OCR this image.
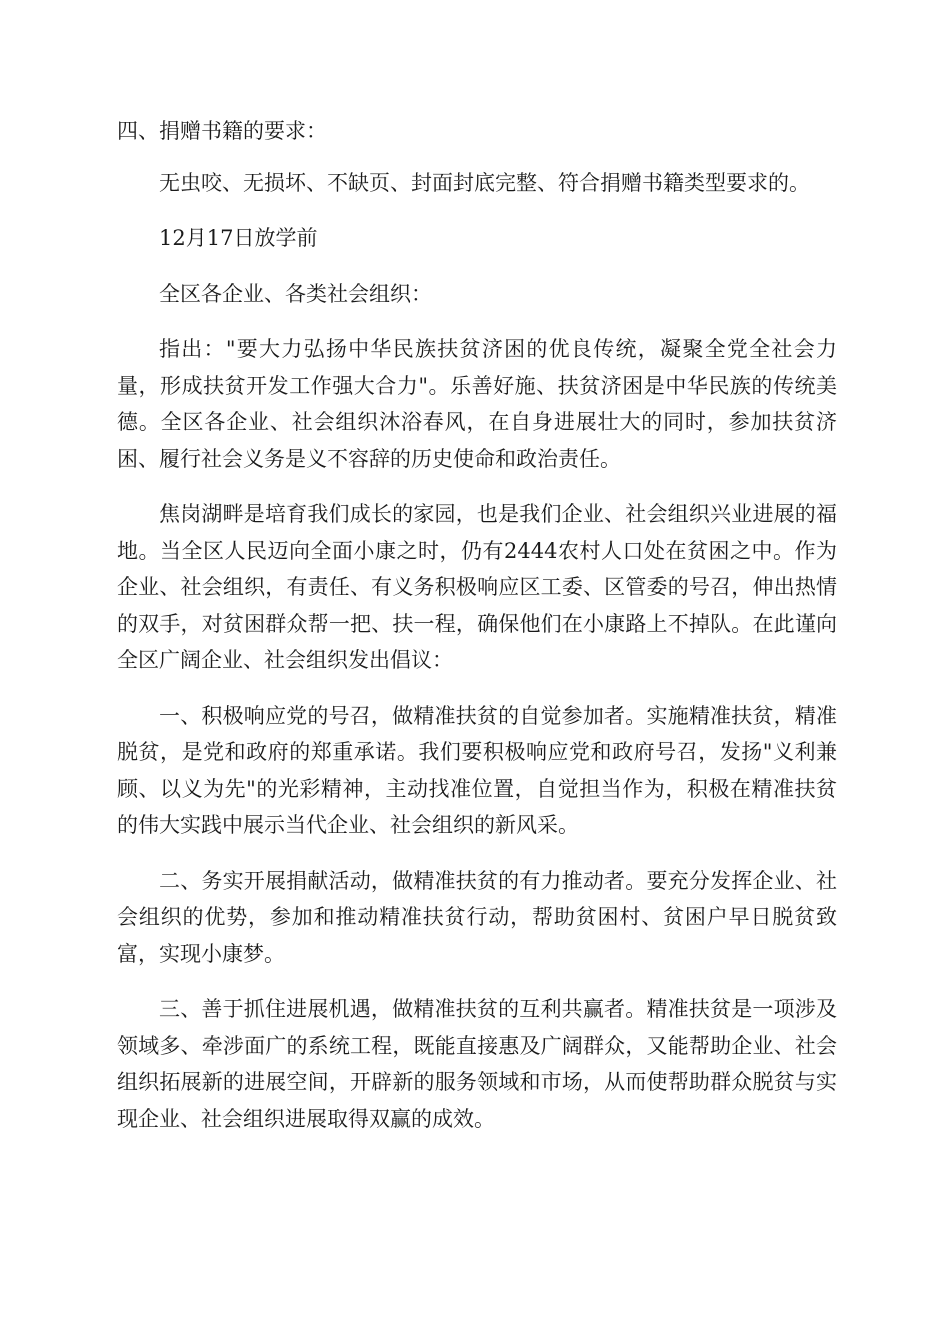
四、捐赠书籍的要求：

无虫咬、无损坏、不缺页、封面封底完整、符合捐赠书籍类型要求的。

12月17日放学前

全区各企业、各类社会组织：

指出："要大力弘扬中华民族扶贫济困的优良传统，凝聚全党全社会力量，形成扶贫开发工作强大合力"。乐善好施、扶贫济困是中华民族的传统美德。全区各企业、社会组织沐浴春风，在自身进展壮大的同时，参加扶贫济困、履行社会义务是义不容辞的历史使命和政治责任。

焦岗湖畔是培育我们成长的家园，也是我们企业、社会组织兴业进展的福地。当全区人民迈向全面小康之时，仍有2444农村人口处在贫困之中。作为企业、社会组织，有责任、有义务积极响应区工委、区管委的号召，伸出热情的双手，对贫困群众帮一把、扶一程，确保他们在小康路上不掉队。在此谨向全区广阔企业、社会组织发出倡议：

一、积极响应党的号召，做精准扶贫的自觉参加者。实施精准扶贫，精准脱贫，是党和政府的郑重承诺。我们要积极响应党和政府号召，发扬"义利兼顾、以义为先"的光彩精神，主动找准位置，自觉担当作为，积极在精准扶贫的伟大实践中展示当代企业、社会组织的新风采。

二、务实开展捐献活动，做精准扶贫的有力推动者。要充分发挥企业、社会组织的优势，参加和推动精准扶贫行动，帮助贫困村、贫困户早日脱贫致富，实现小康梦。

三、善于抓住进展机遇，做精准扶贫的互利共赢者。精准扶贫是一项涉及领域多、牵涉面广的系统工程，既能直接惠及广阔群众，又能帮助企业、社会组织拓展新的进展空间，开辟新的服务领域和市场，从而使帮助群众脱贫与实现企业、社会组织进展取得双赢的成效。
